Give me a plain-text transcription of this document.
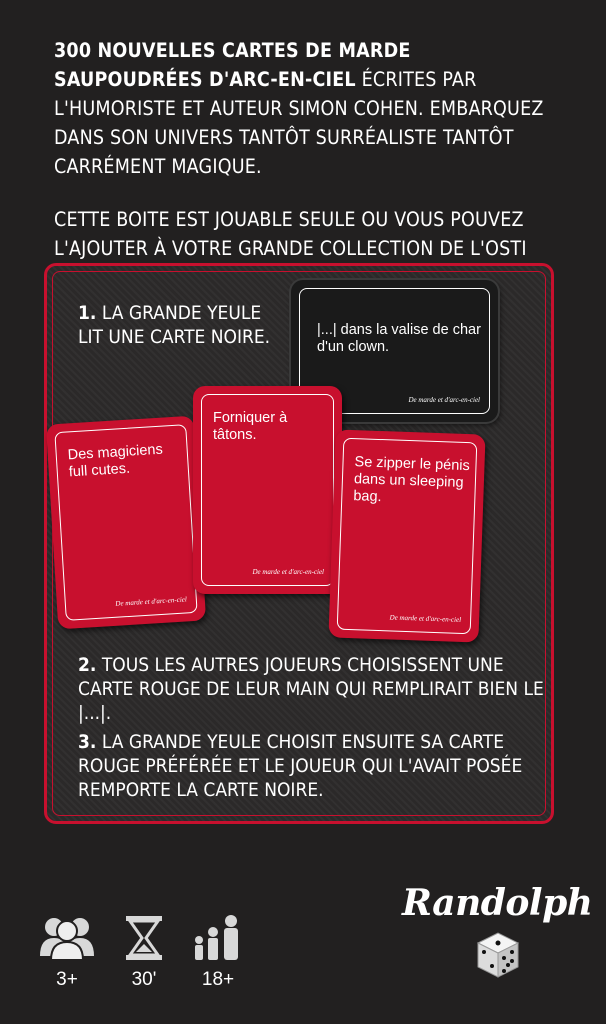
300 NOUVELLES CARTES DE MARDE SAUPOUDRÉES D'ARC-EN-CIEL ÉCRITES PAR L'HUMORISTE ET AUTEUR SIMON COHEN. EMBARQUEZ DANS SON UNIVERS TANTÔT SURRÉALISTE TANTÔT CARRÉMENT MAGIQUE.

CETTE BOITE EST JOUABLE SEULE OU VOUS POUVEZ L'AJOUTER À VOTRE GRANDE COLLECTION DE L'OSTI

1. LA GRANDE YEULE LIT UNE CARTE NOIRE.	|...| dans la valise de char d'un clown.
De marde et d'arc-en-ciel
Des magiciens full cutes.
De marde et d'arc-en-ciel
Forniquer à tâtons.
De marde et d'arc-en-ciel
Se zipper le pénis dans un sleeping bag.
De marde et d'arc-en-ciel
2. TOUS LES AUTRES JOUEURS CHOISISSENT UNE CARTE ROUGE DE LEUR MAIN QUI REMPLIRAIT BIEN LE |...|.
3. LA GRANDE YEULE CHOISIT ENSUITE SA CARTE ROUGE PRÉFÉRÉE ET LE JOUEUR QUI L'AVAIT POSÉE REMPORTE LA CARTE NOIRE.
3+	30'	18+
Randolph
